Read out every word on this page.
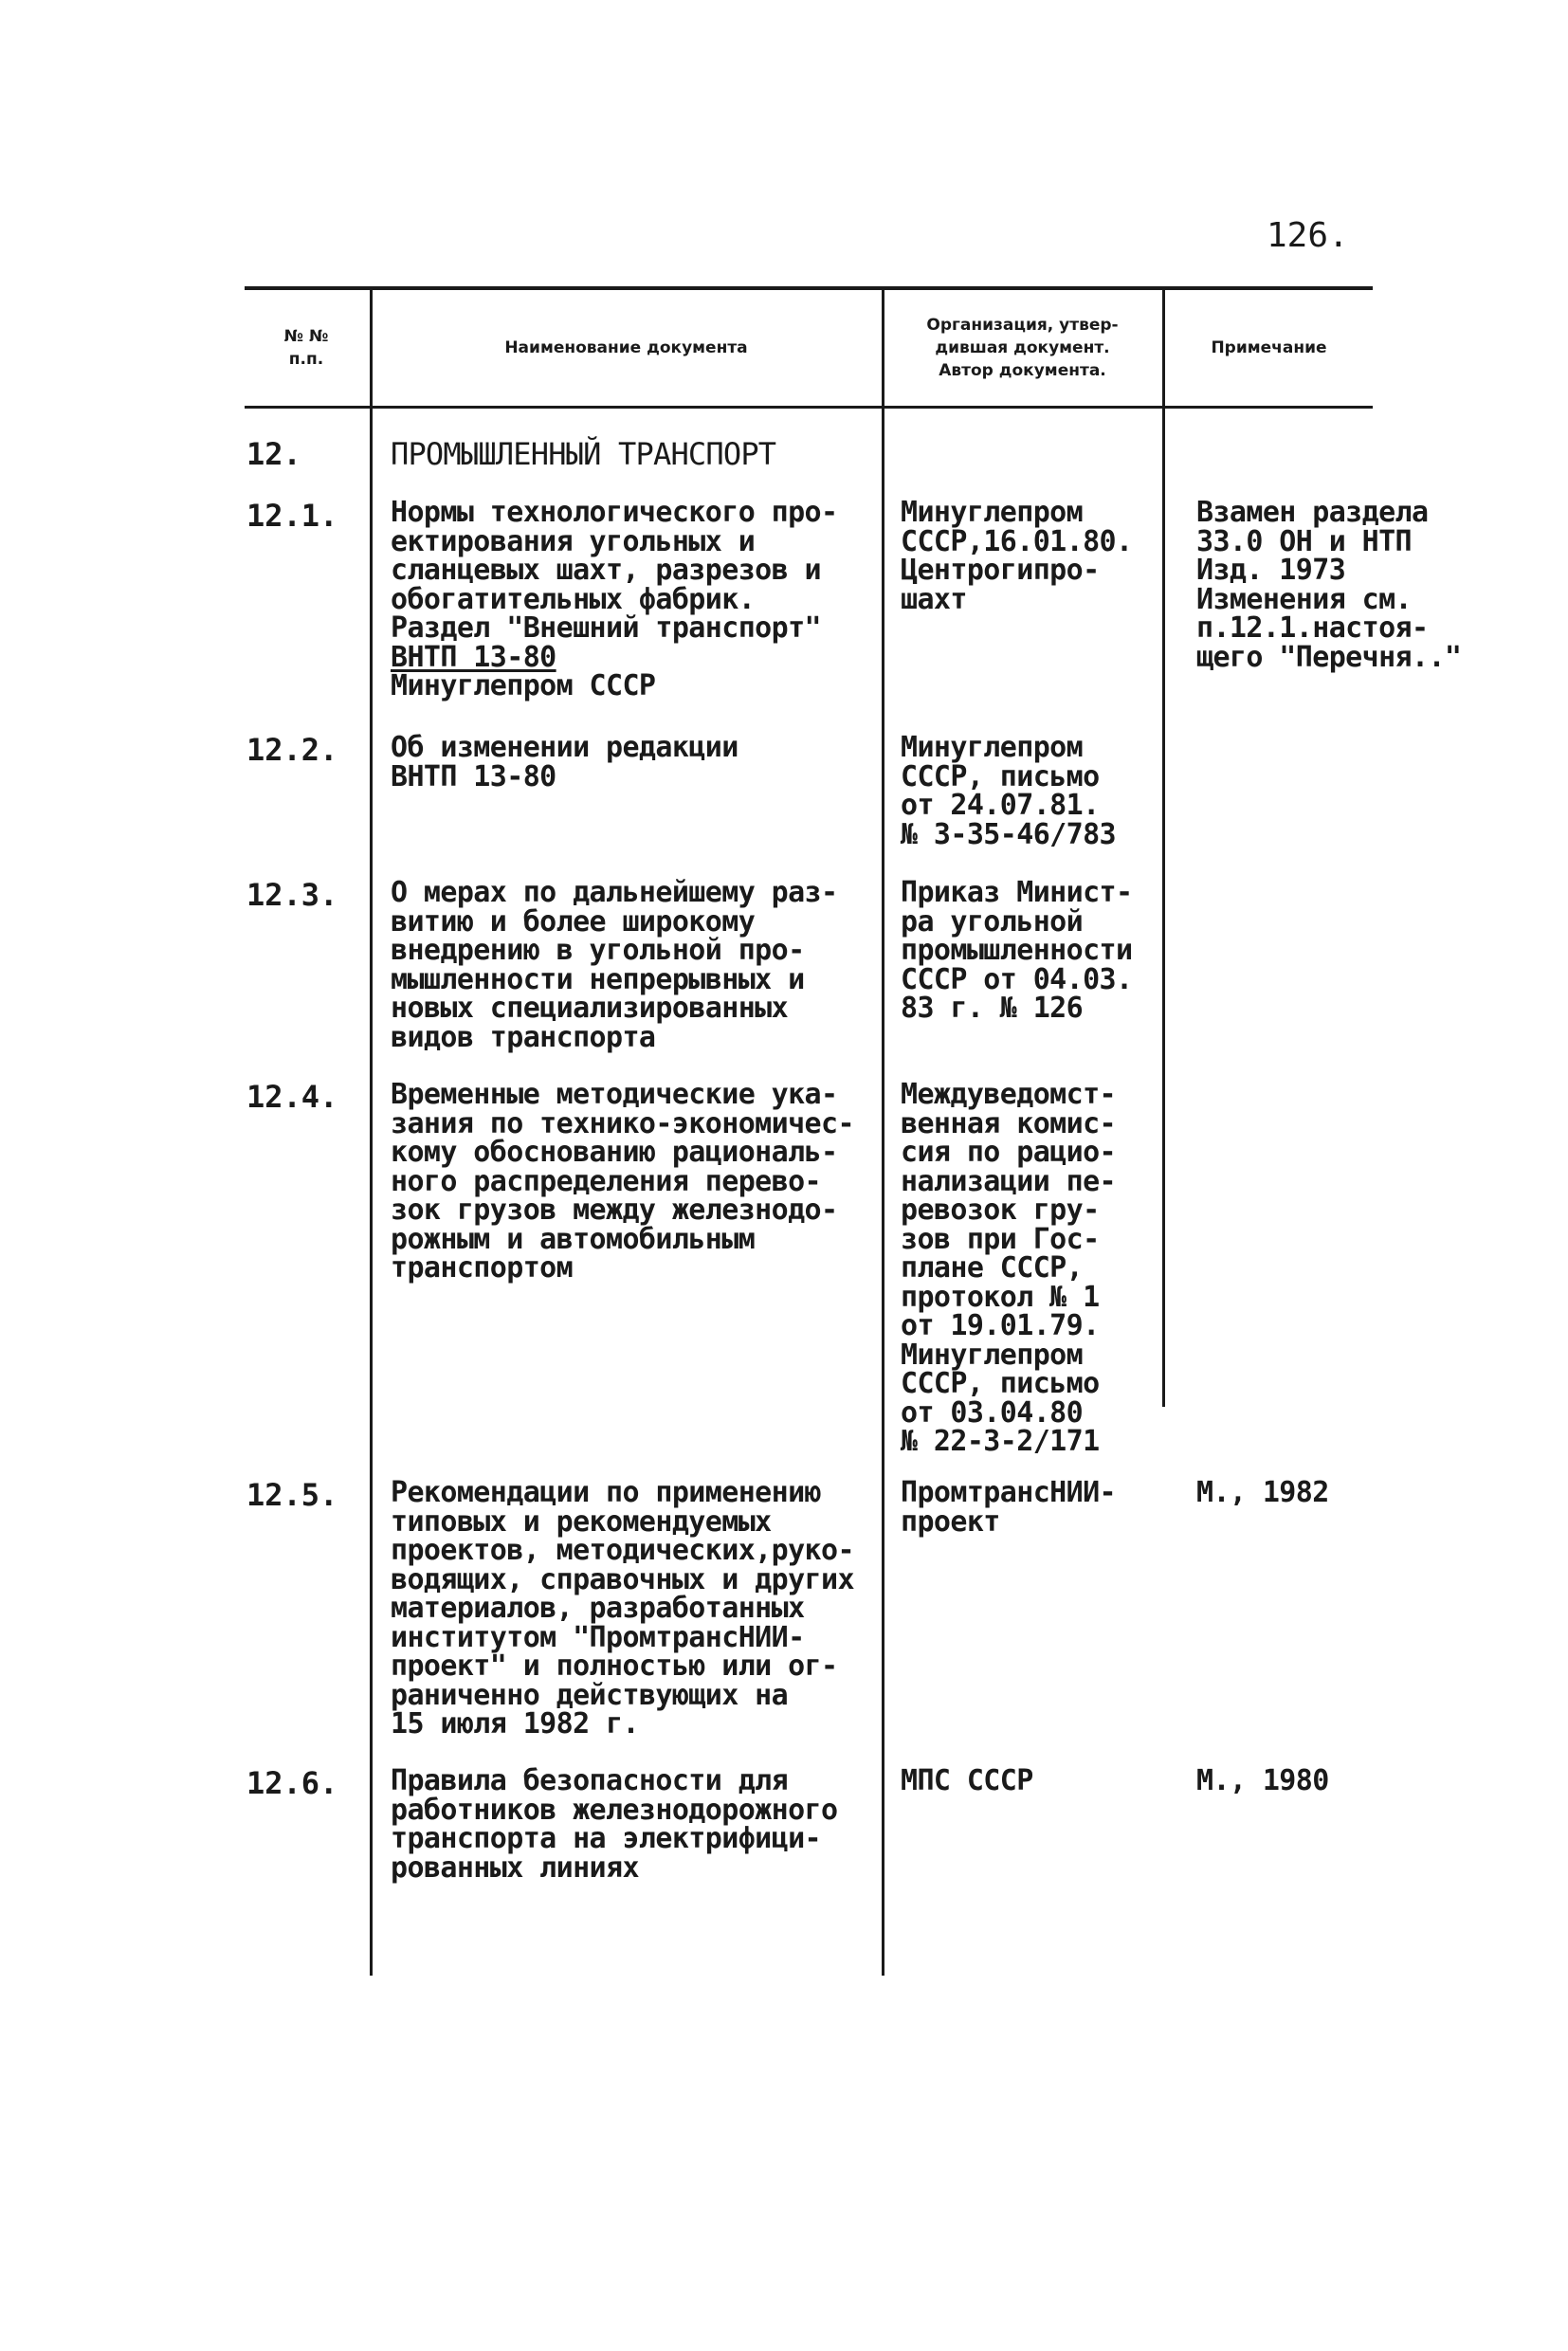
126.
№ №
п.п.
Наименование документа
Организация, утвер-
дившая документ.
Автор документа.
Примечание
12.	ПРОМЫШЛЕННЫЙ ТРАНСПОРТ
12.1. Нормы технологического про-
ектирования угольных и
сланцевых шахт, разрезов и
обогатительных фабрик.
Раздел "Внешний транспорт"
ВНТП 13-80
Минуглепром СССР
Минуглепром
СССР,16.01.80.
Центрогипро-
шахт
Взамен раздела
33.0 ОН и НТП
Изд. 1973
Изменения см.
п.12.1.настоя-
щего "Перечня.."
12.2. Об изменении редакции
ВНТП 13-80
Минуглепром
СССР, письмо
от 24.07.81.
№ 3-35-46/783
12.3. О мерах по дальнейшему раз-
витию и более широкому
внедрению в угольной про-
мышленности непрерывных и
новых специализированных
видов транспорта
Приказ Минист-
ра угольной
промышленности
СССР от 04.03.
83 г. № 126
12.4. Временные методические ука-
зания по технико-экономичес-
кому обоснованию рациональ-
ного распределения перево-
зок грузов между железнодо-
рожным и автомобильным
транспортом
Междуведомст-
венная комис-
сия по рацио-
нализации пе-
ревозок гру-
зов при Гос-
плане СССР,
протокол № 1
от 19.01.79.
Минуглепром
СССР, письмо
от 03.04.80
№ 22-3-2/171
12.5. Рекомендации по применению
типовых и рекомендуемых
проектов, методических,руко-
водящих, справочных и других
материалов, разработанных
институтом "ПромтрансНИИ-
проект" и полностью или ог-
раниченно действующих на
15 июля 1982 г.
ПромтрансНИИ-
проект
М., 1982
12.6. Правила безопасности для
работников железнодорожного
транспорта на электрифици-
рованных линиях
МПС СССР	М., 1980
